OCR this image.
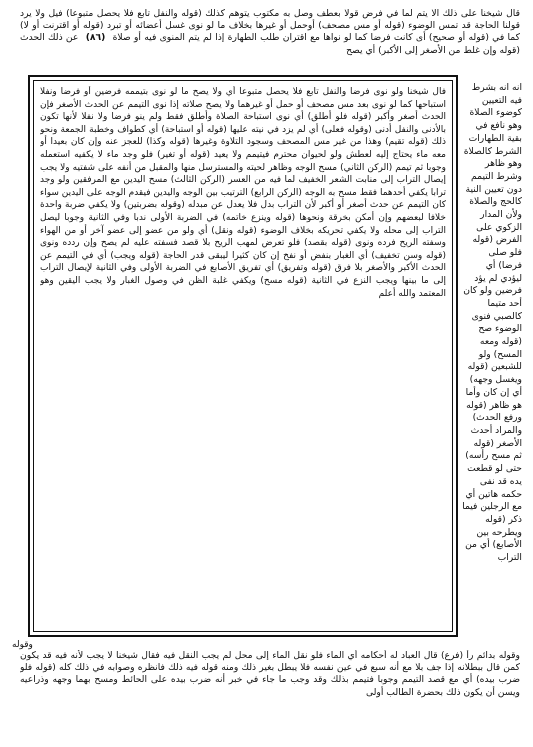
قال شيخنا على ذلك الا يتم لما في فرض قولا بعطف وصل به مكتوب يتوهم كذلك (قوله والنفل تابع فلا يحصل متبوعا) فيل ولا يرد قولنا الحاجة قد تمس الوضوء (قوله أو مس مصحف) أوحمل أو غيرها بخلاف ما لو نوى غسل أعضائه أو تبرد (قوله أو اقترنت أو لا) كما في (قوله أو صحيح) أى كانت فرضا كما لو نواها مع اقتران طلب الطهارة إذا لم يتم المنوى فيه أو صلاة (٨٦) عن ذلك الحدث (قوله وإن غلط من الأصغر إلى الأكبر) أي يصح
فال شيخنا ولو نوى فرضا والنفل تابع فلا يحصل متبوعا أي ولا يصح ما لو نوى بتيممه فرضين أو فرضا ونفلا استباحها كما لو نوى بعد مس مصحف أو حمل أو غيرهما ولا يصح صلاته إذا نوى التيمم عن الحدث الأصغر فإن الحدث أصغر وأكبر (قوله فلو أطلق) أي نوى استباحة الصلاة وأطلق فقط ولم ينو فرضا ولا نفلا لأنها تكون بالأدنى والنفل أدنى (وقوله فعلى) أي لم يزد في نيته عليها (قوله أو استباحة) أي كطواف وخطبة الجمعة ونحو ذلك (قوله تقيم) وهذا من غير مس المصحف وسجود التلاوة وغيرها (قوله وكذا) للعجز عنه وإن كان بعيدا أو معه ماء يحتاج إليه لعطش ولو لحيوان محترم فيتيمم ولا يعيد (قوله أو تغير) فلو وجد ماء لا يكفيه استعمله وجوبا ثم تيمم (الركن الثاني) مسح الوجه وظاهر لحيته والمسترسل منها والمقبل من أنفه على شفتيه ولا يجب إيصال التراب إلى منابت الشعر الخفيف لما فيه من العسر (الركن الثالث) مسح اليدين مع المرفقين ولو وجد ترابا يكفي أحدهما فقط مسح به الوجه (الركن الرابع) الترتيب بين الوجه واليدين فيقدم الوجه على اليدين سواء كان التيمم عن حدث أصغر أو أكبر لأن التراب بدل فلا يعدل عن مبدله (وقوله بضربتين) ولا يكفي ضربة واحدة خلافا لبعضهم وإن أمكن بخرقة ونحوها (قوله وينزع خاتمه) في الضربة الأولى ندبا وفي الثانية وجوبا ليصل التراب إلى محله ولا يكفي تحريكه بخلاف الوضوء (قوله ونقل) أي ولو من عضو إلى عضو آخر أو من الهواء وسفته الريح فرده ونوى (قوله بقصد) فلو تعرض لمهب الريح بلا قصد فسفته عليه لم يصح وإن ردده ونوى (قوله وسن تخفيف) أي الغبار بنفض أو نفخ إن كان كثيرا ليبقى قدر الحاجة (قوله ويجب) أي في التيمم عن الحدث الأكبر والأصغر بلا فرق (قوله وتفريق) أي تفريق الأصابع في الضربة الأولى وفي الثانية لإيصال التراب إلى ما بينها ويجب النزع في الثانية (قوله مسح) ويكفي غلبة الظن في وصول الغبار ولا يجب اليقين وهو المعتمد والله أعلم
انه انه بشرط فيه التعيين كوضوء الصلاة وهو نافع في بقية الطهارات الشرط كالصلاة وهو ظاهر وشرط التيمم دون تعيين النية كالحج والصلاة ولأن المدار الزكوي على الفرض (قوله فلو صلى فرضا) أي ليؤدي لم يؤد فرضين ولو كان أحد متيما كالصبي فنوى الوضوء صح (قوله ومعه المسح) ولو للشبعين (قوله ويغسل وجهه) أي إن كان وأما هو ظاهر (قوله ورفع الحدث) والمراد أحدث الأصغر (قوله ثم مسح رأسه) حتى لو قطعت يده قد نفى حكمه هاتين أي مع الرجلين فيما ذكر (قوله ويطرحه بين الأصابع) أي من التراب
وقوله
وقوله بدائم رأ (فرع) قال العباد له أحكامه أي الماء فلو نقل الماء إلى محل لم يجب النقل فيه فقال شيخنا لا يجب لأنه فيه قد يكون كمن قال ببطلانه إذا جف بلا مع أنه سبع في عين نفسه فلا يبطل بغير ذلك ومنه قوله فيه ذلك فانظره وصوابه في ذلك كله (قوله فلو ضرب بيده) أي مع قصد التيمم وجوبا فتيمم بذلك وقد وجب ما جاء في خبر أنه ضرب بيده على الحائط ومسح بهما وجهه وذراعيه ويسن أن يكون ذلك بحضرة الطالب أولى
